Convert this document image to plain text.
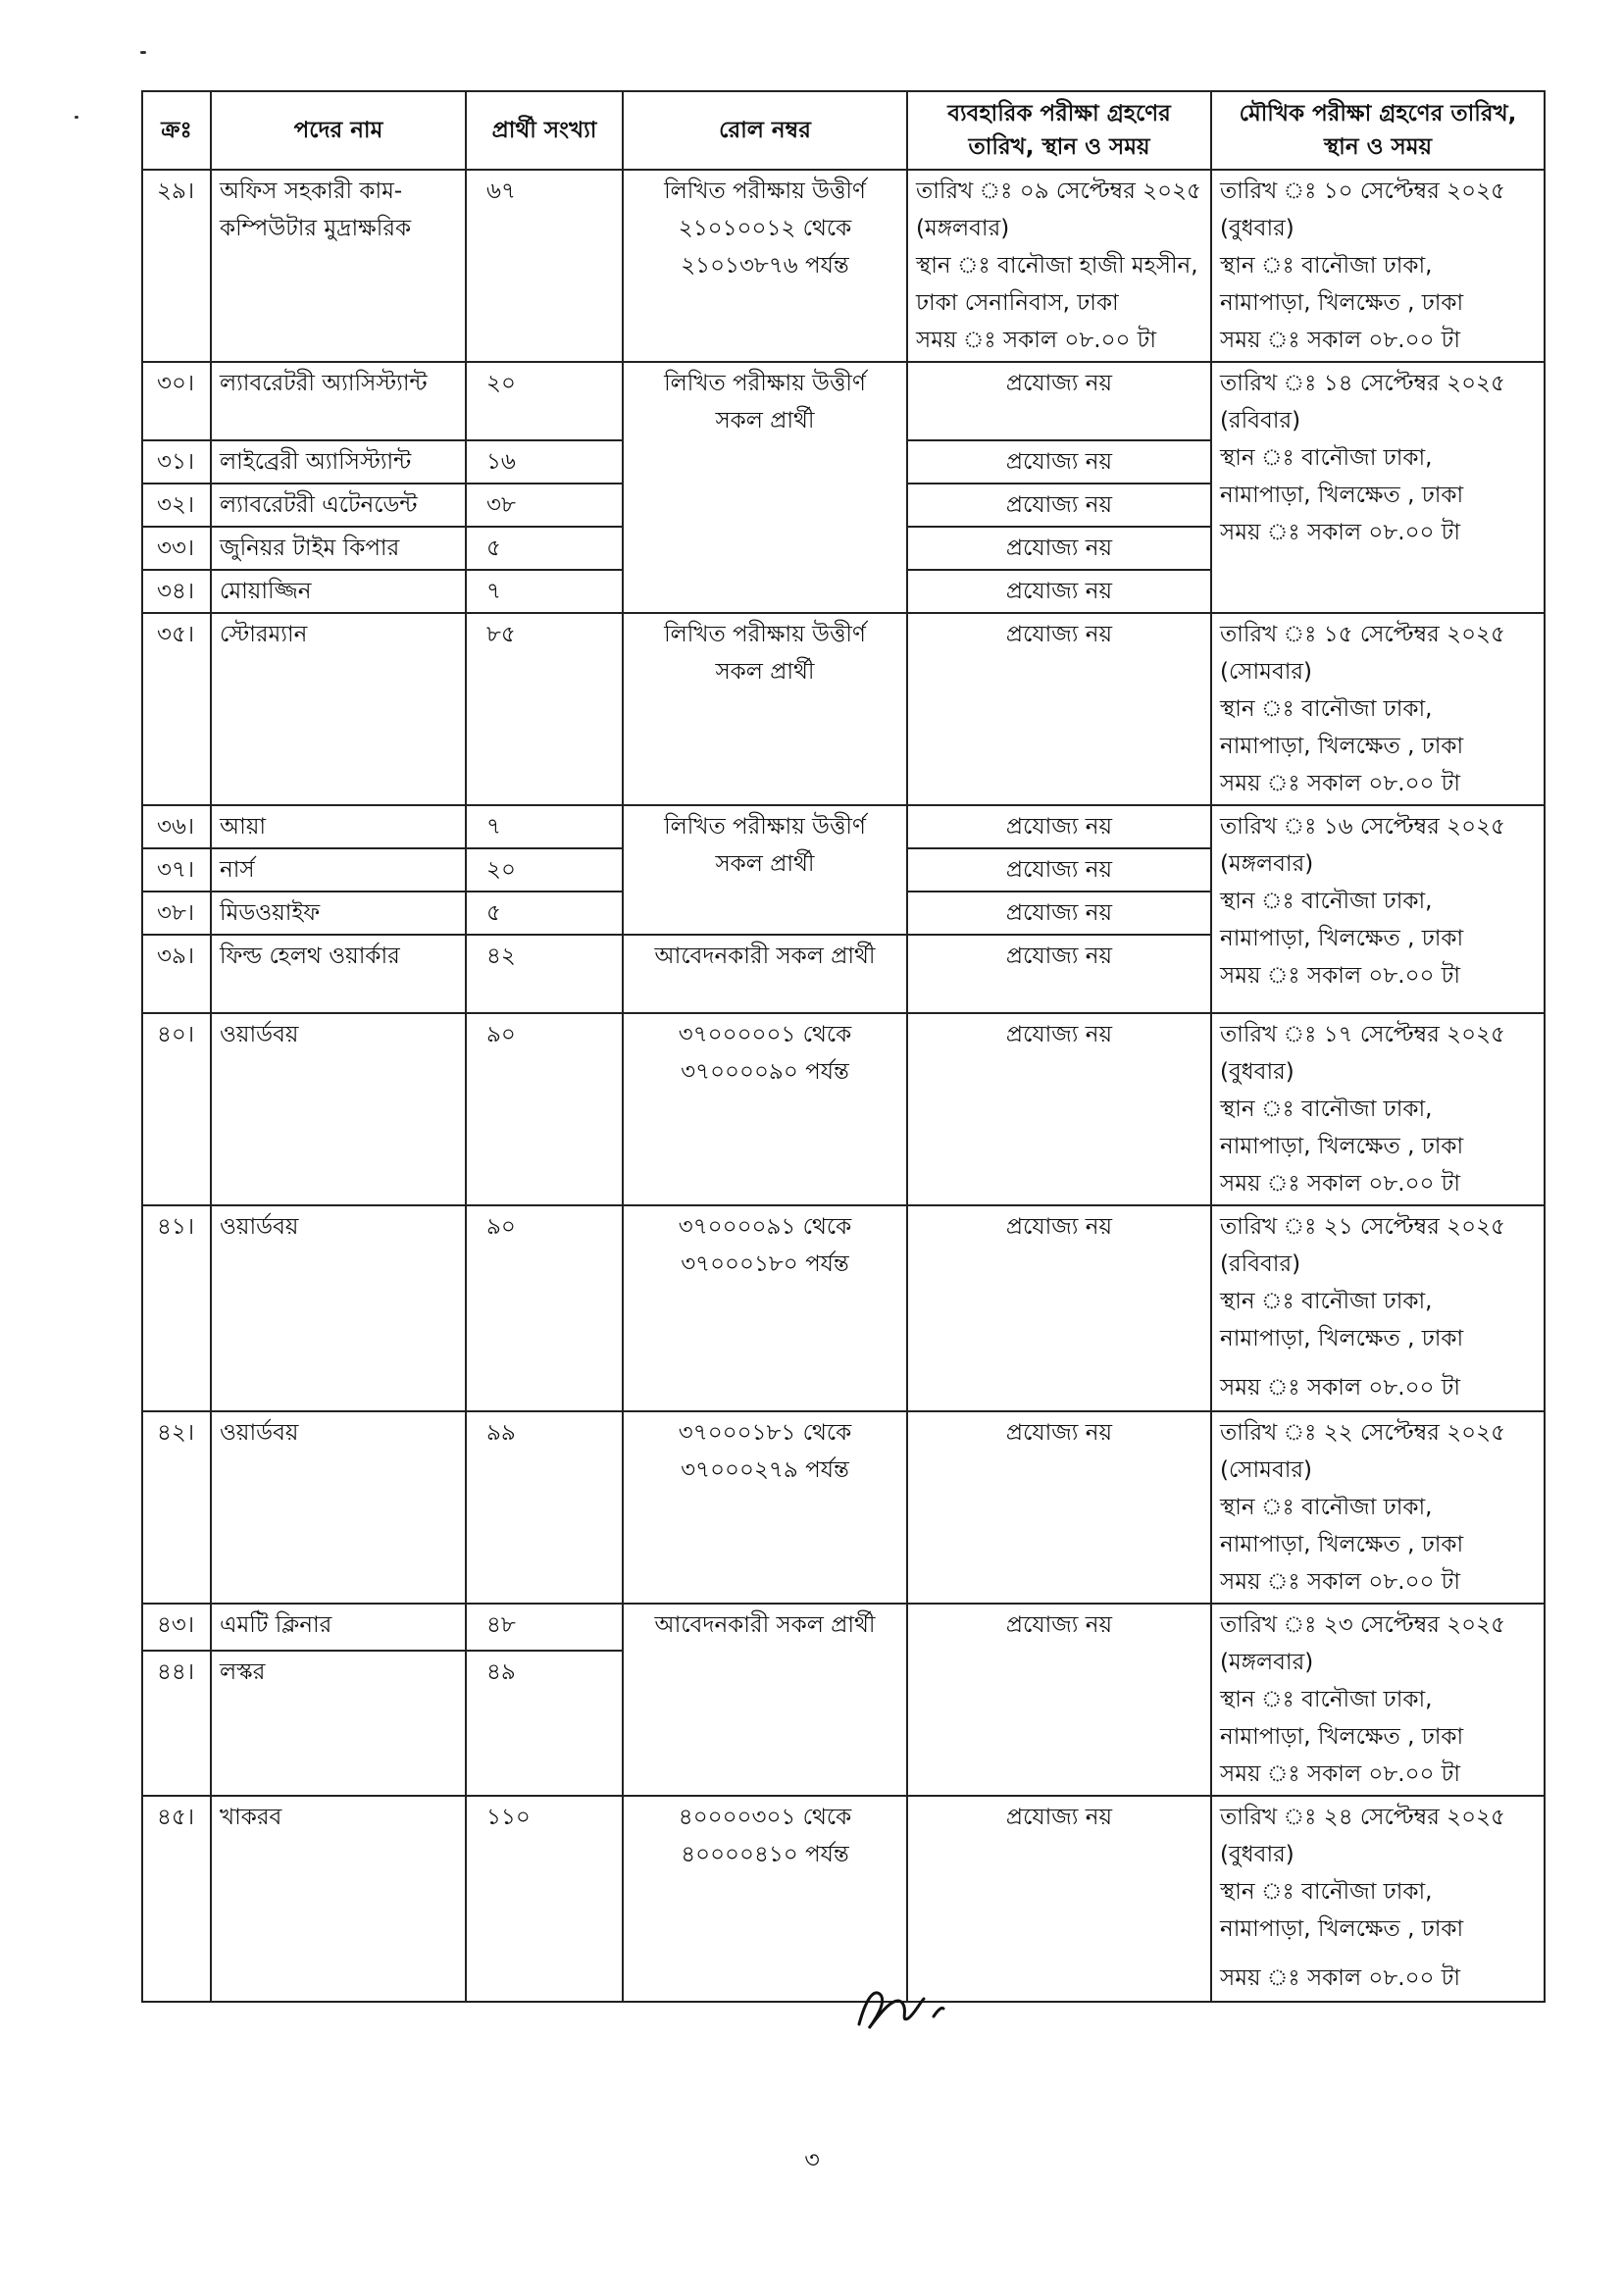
ক্রঃ	পদের নাম	প্রার্থী সংখ্যা	রোল নম্বর	ব্যবহারিক পরীক্ষা গ্রহণের তারিখ, স্থান ও সময়	মৌখিক পরীক্ষা গ্রহণের তারিখ, স্থান ও সময়
২৯।	অফিস সহকারী কাম-কম্পিউটার মুদ্রাক্ষরিক	৬৭	লিখিত পরীক্ষায় উত্তীর্ণ
২১০১০০১২ থেকে
২১০১৩৮৭৬ পর্যন্ত	তারিখ ঃ ০৯ সেপ্টেম্বর ২০২৫
(মঙ্গলবার)
স্থান ঃ বানৌজা হাজী মহসীন,
ঢাকা সেনানিবাস, ঢাকা
সময় ঃ সকাল ০৮.০০ টা	তারিখ ঃ ১০ সেপ্টেম্বর ২০২৫
(বুধবার)
স্থান ঃ বানৌজা ঢাকা,
নামাপাড়া, খিলক্ষেত , ঢাকা
সময় ঃ সকাল ০৮.০০ টা

৩০।	ল্যাবরেটরী অ্যাসিস্ট্যান্ট	২০	লিখিত পরীক্ষায় উত্তীর্ণ
সকল প্রার্থী	প্রযোজ্য নয়	তারিখ ঃ ১৪ সেপ্টেম্বর ২০২৫
(রবিবার)
স্থান ঃ বানৌজা ঢাকা,
নামাপাড়া, খিলক্ষেত , ঢাকা
সময় ঃ সকাল ০৮.০০ টা

৩১।	লাইব্রেরী অ্যাসিস্ট্যান্ট	১৬		প্রযোজ্য নয়	
৩২।	ল্যাবরেটরী এটেনডেন্ট	৩৮		প্রযোজ্য নয়	
৩৩।	জুনিয়র টাইম কিপার	৫		প্রযোজ্য নয়	
৩৪।	মোয়াজ্জিন	৭		প্রযোজ্য নয়	
৩৫।	স্টোরম্যান	৮৫	লিখিত পরীক্ষায় উত্তীর্ণ
সকল প্রার্থী	প্রযোজ্য নয়	তারিখ ঃ ১৫ সেপ্টেম্বর ২০২৫
(সোমবার)
স্থান ঃ বানৌজা ঢাকা,
নামাপাড়া, খিলক্ষেত , ঢাকা
সময় ঃ সকাল ০৮.০০ টা

৩৬।	আয়া	৭	লিখিত পরীক্ষায় উত্তীর্ণ
সকল প্রার্থী	প্রযোজ্য নয়	তারিখ ঃ ১৬ সেপ্টেম্বর ২০২৫
(মঙ্গলবার)
স্থান ঃ বানৌজা ঢাকা,
নামাপাড়া, খিলক্ষেত , ঢাকা
সময় ঃ সকাল ০৮.০০ টা

৩৭।	নার্স	২০		প্রযোজ্য নয়	
৩৮।	মিডওয়াইফ	৫		প্রযোজ্য নয়	
৩৯।	ফিল্ড হেলথ ওয়ার্কার	৪২	আবেদনকারী সকল প্রার্থী	প্রযোজ্য নয়	
৪০।	ওয়ার্ডবয়	৯০	৩৭০০০০০১ থেকে
৩৭০০০০৯০ পর্যন্ত	প্রযোজ্য নয়	তারিখ ঃ ১৭ সেপ্টেম্বর ২০২৫
(বুধবার)
স্থান ঃ বানৌজা ঢাকা,
নামাপাড়া, খিলক্ষেত , ঢাকা
সময় ঃ সকাল ০৮.০০ টা

৪১।	ওয়ার্ডবয়	৯০	৩৭০০০০৯১ থেকে
৩৭০০০১৮০ পর্যন্ত	প্রযোজ্য নয়	তারিখ ঃ ২১ সেপ্টেম্বর ২০২৫
(রবিবার)
স্থান ঃ বানৌজা ঢাকা,
নামাপাড়া, খিলক্ষেত , ঢাকা
সময় ঃ সকাল ০৮.০০ টা

৪২।	ওয়ার্ডবয়	৯৯	৩৭০০০১৮১ থেকে
৩৭০০০২৭৯ পর্যন্ত	প্রযোজ্য নয়	তারিখ ঃ ২২ সেপ্টেম্বর ২০২৫
(সোমবার)
স্থান ঃ বানৌজা ঢাকা,
নামাপাড়া, খিলক্ষেত , ঢাকা
সময় ঃ সকাল ০৮.০০ টা

৪৩।	এমটি ক্লিনার	৪৮	আবেদনকারী সকল প্রার্থী	প্রযোজ্য নয়	তারিখ ঃ ২৩ সেপ্টেম্বর ২০২৫
(মঙ্গলবার)
স্থান ঃ বানৌজা ঢাকা,
নামাপাড়া, খিলক্ষেত , ঢাকা
সময় ঃ সকাল ০৮.০০ টা

৪৪।	লস্কর	৪৯			
৪৫।	খাকরব	১১০	৪০০০০৩০১ থেকে
৪০০০০৪১০ পর্যন্ত	প্রযোজ্য নয়	তারিখ ঃ ২৪ সেপ্টেম্বর ২০২৫
(বুধবার)
স্থান ঃ বানৌজা ঢাকা,
নামাপাড়া, খিলক্ষেত , ঢাকা
সময় ঃ সকাল ০৮.০০ টা
৩
